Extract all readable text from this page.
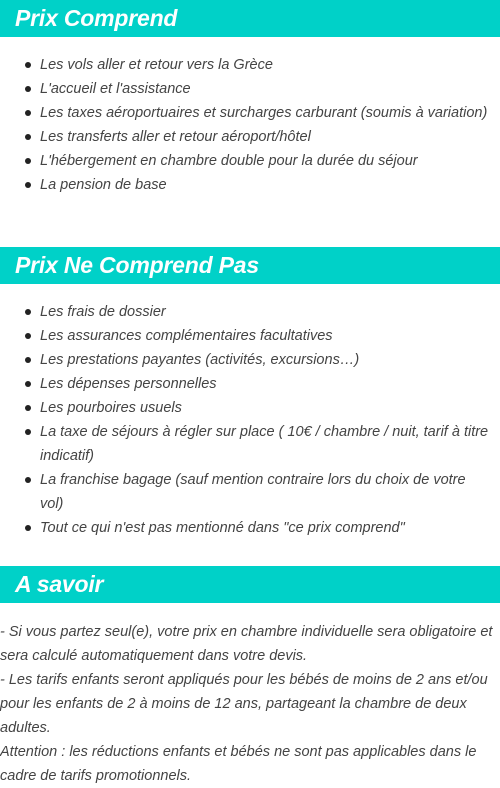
Prix Comprend
Les vols aller et retour vers la Grèce
L'accueil et l'assistance
Les taxes aéroportuaires et surcharges carburant (soumis à variation)
Les transferts aller et retour aéroport/hôtel
L'hébergement en chambre double pour la durée du séjour
La pension de base
Prix Ne Comprend Pas
Les frais de dossier
Les assurances complémentaires facultatives
Les prestations payantes (activités, excursions…)
Les dépenses personnelles
Les pourboires usuels
La taxe de séjours à régler sur place ( 10€ / chambre / nuit, tarif à titre indicatif)
La franchise bagage (sauf mention contraire lors du choix de votre vol)
Tout ce qui n'est pas mentionné dans "ce prix comprend"
A savoir
- Si vous partez seul(e), votre prix en chambre individuelle sera obligatoire et sera calculé automatiquement dans votre devis.
- Les tarifs enfants seront appliqués pour les bébés de moins de 2 ans et/ou pour les enfants de 2 à moins de 12 ans, partageant la chambre de deux adultes.
Attention : les réductions enfants et bébés ne sont pas applicables dans le cadre de tarifs promotionnels.
